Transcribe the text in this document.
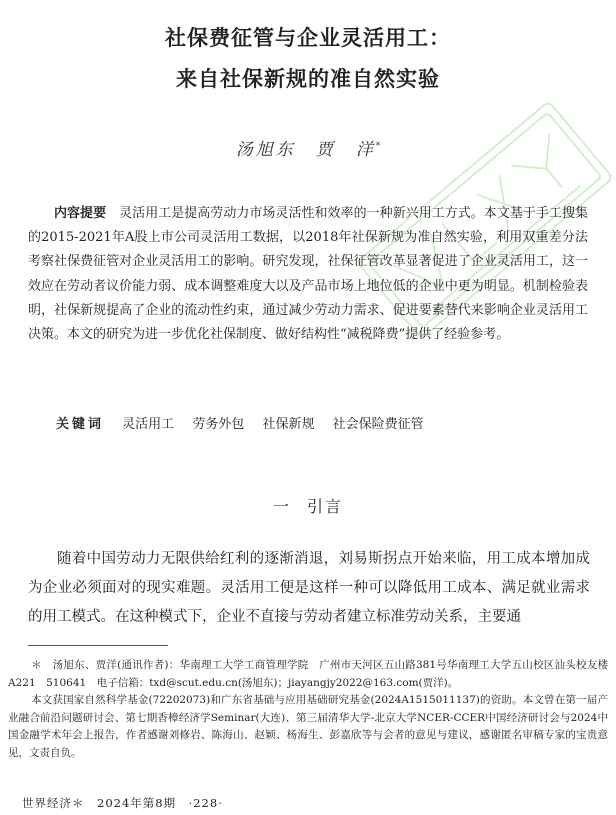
社保费征管与企业灵活用工：
来自社保新规的准自然实验
汤旭东　贾　洋*

内容提要　 灵活用工是提高劳动力市场灵活性和效率的一种新兴用工方式。本文基于手工搜集的2015-2021年A股上市公司灵活用工数据，以2018年社保新规为准自然实验，利用双重差分法考察社保费征管对企业灵活用工的影响。研究发现，社保征管改革显著促进了企业灵活用工，这一效应在劳动者议价能力弱、成本调整难度大以及产品市场上地位低的企业中更为明显。机制检验表明，社保新规提高了企业的流动性约束，通过减少劳动力需求、促进要素替代来影响企业灵活用工决策。本文的研究为进一步优化社保制度、做好结构性“减税降费”提供了经验参考。

关键词 灵活用工 劳务外包 社保新规 社会保险费征管
一 引言

随着中国劳动力无限供给红利的逐渐消退，刘易斯拐点开始来临，用工成本增加成为企业必须面对的现实难题。灵活用工便是这样一种可以降低用工成本、满足就业需求的用工模式。在这种模式下，企业不直接与劳动者建立标准劳动关系，主要通

＊　汤旭东、贾洋(通讯作者)：华南理工大学工商管理学院　广州市天河区五山路381号华南理工大学五山校区汕头校友楼A221　510641　电子信箱：txd@scut.edu.cn(汤旭东)；jiayangjy2022@163.com(贾洋)。

本文获国家自然科学基金(72202073)和广东省基础与应用基础研究基金(2024A1515011137)的资助。本文曾在第一届产业融合前沿问题研讨会、第七期香樟经济学Seminar(大连)、第三届清华大学-北京大学NCER-CCER中国经济研讨会与2024中国金融学术年会上报告，作者感谢刘修岩、陈海山、赵颖、杨海生、彭嘉欣等与会者的意见与建议，感谢匿名审稿专家的宝贵意见，文责自负。

世界经济＊　2024年第8期　·228·
